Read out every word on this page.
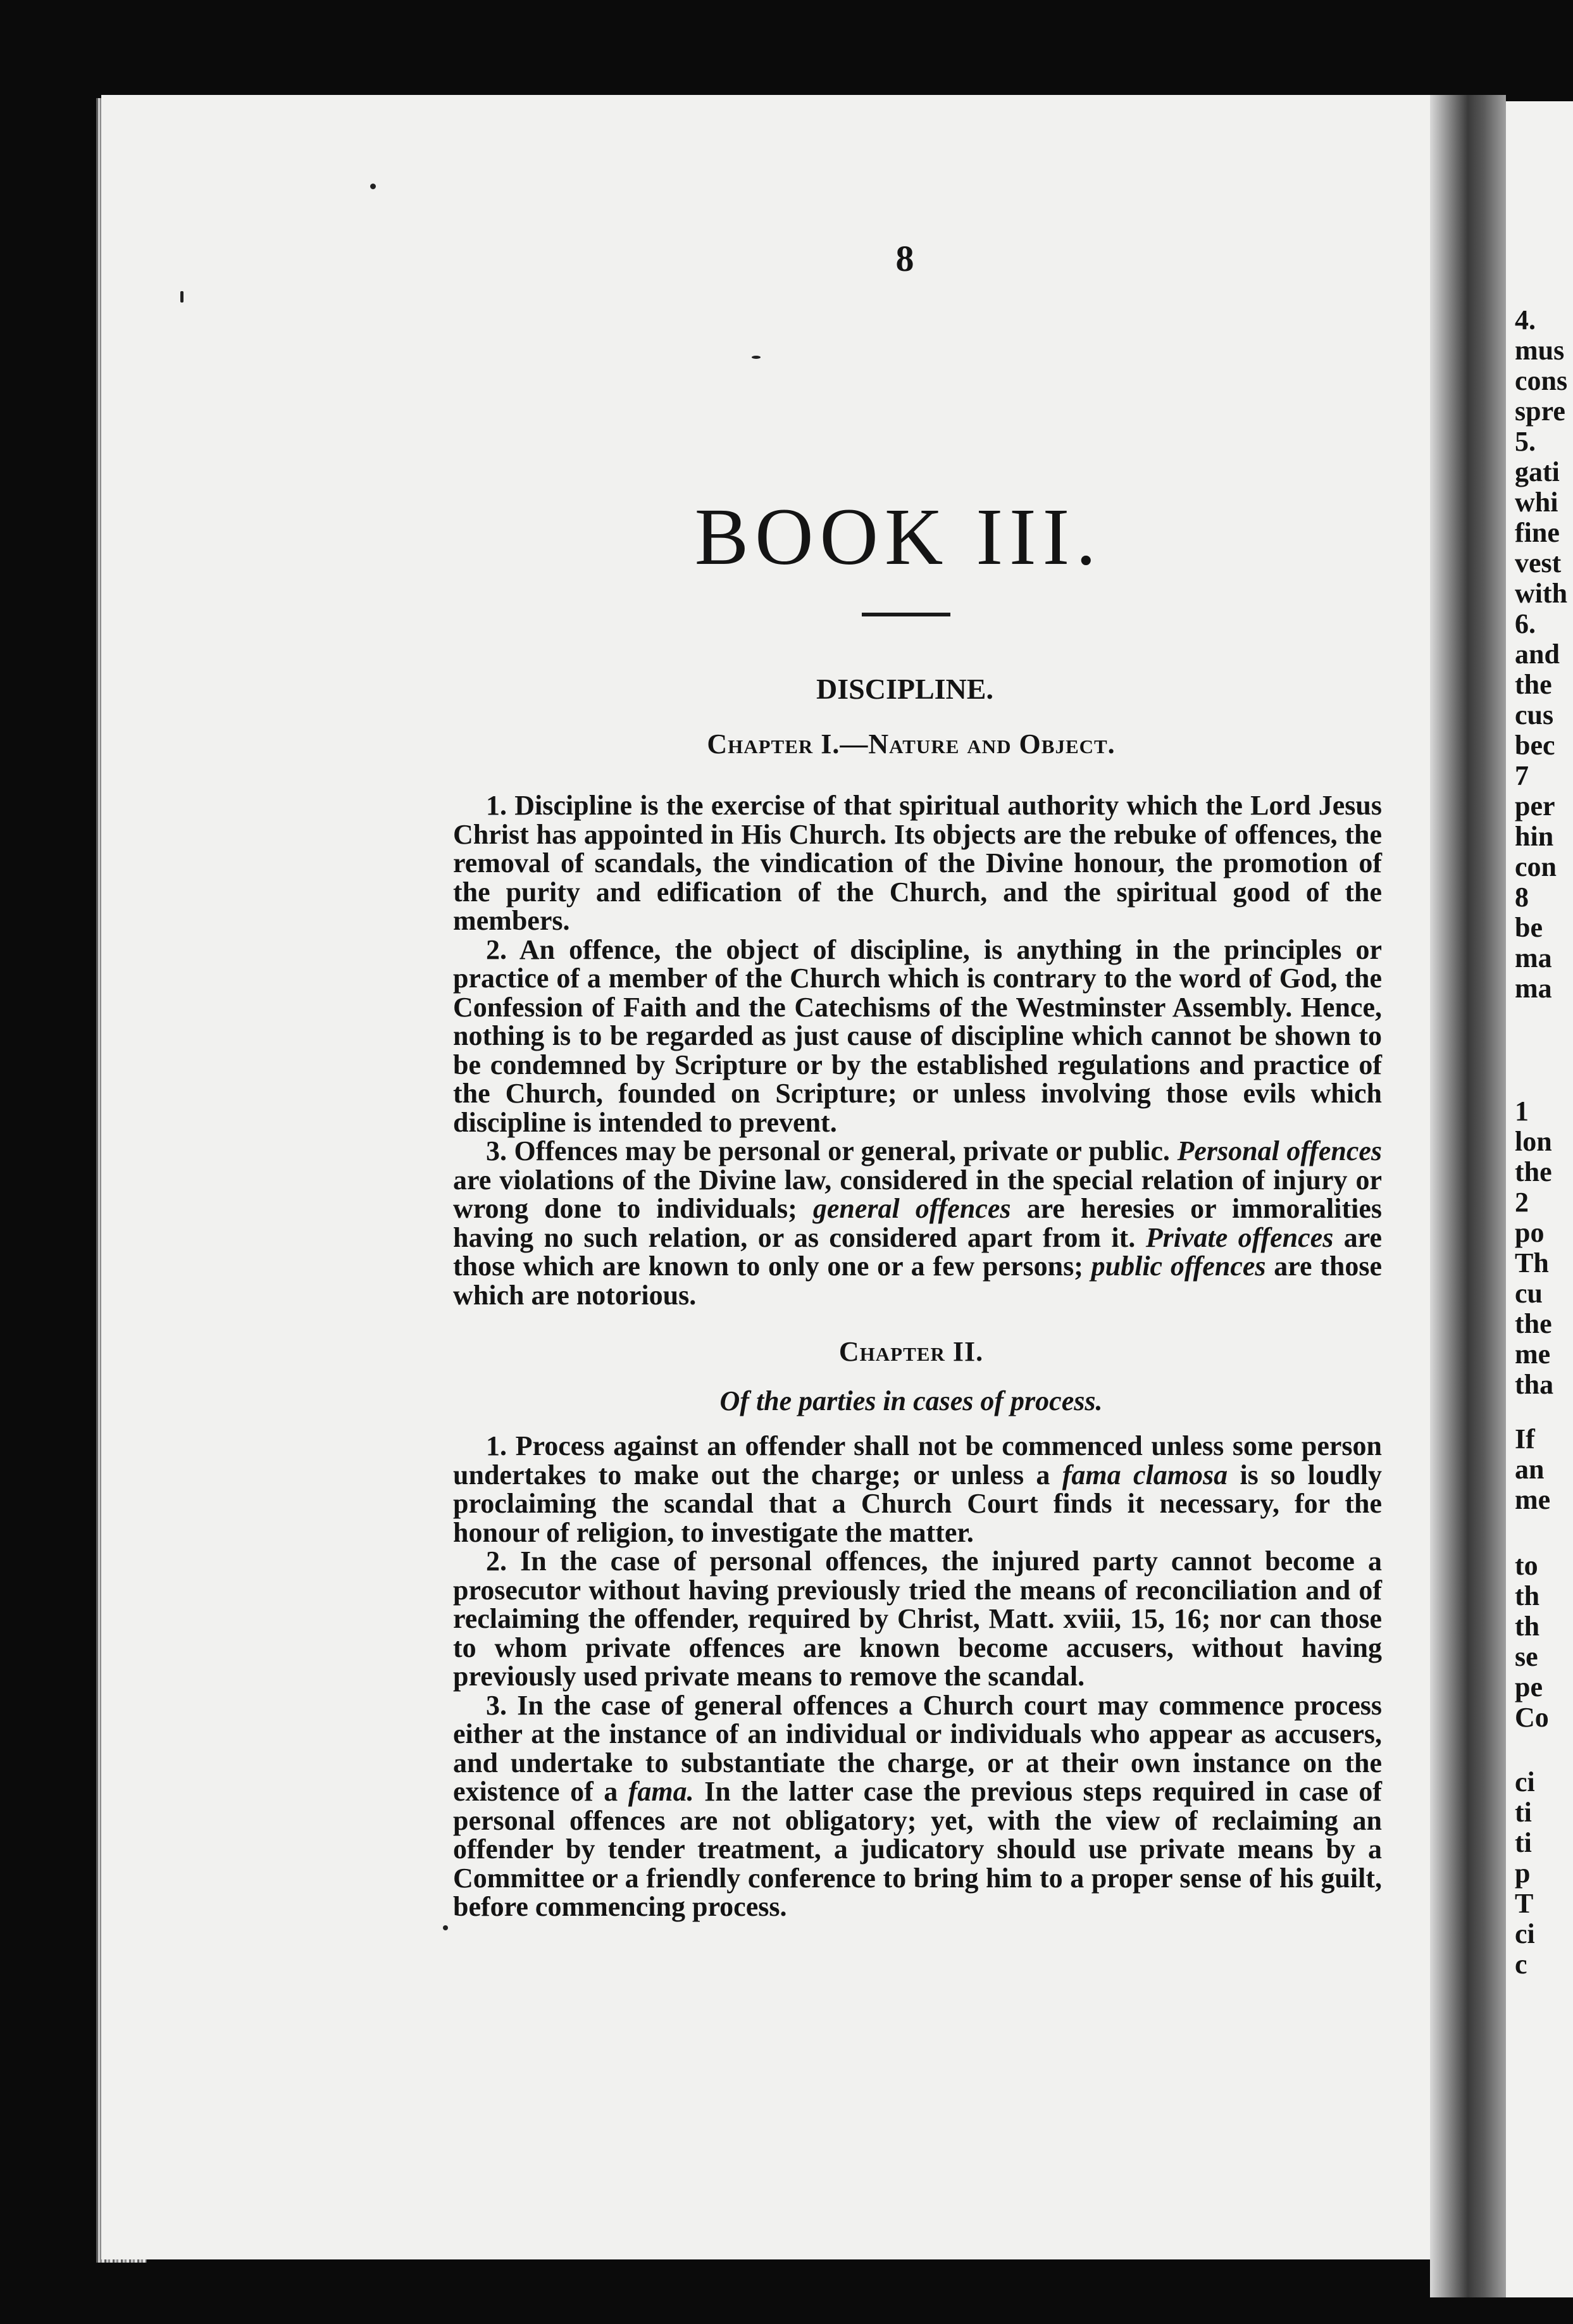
4.
mus
cons
spre
5.
gati
whi
fine
vest
with
6.
and
the
cus
bec
7
per
hin
con
8
be
ma
ma
1
lon
the
2
po
Th
cu
the
me
tha
If
an
me
to
th
th
se
pe
Co
ci
ti
ti
p
T
ci
c
8
BOOK III.
DISCIPLINE.
Chapter I.—Nature and Object.

1. Discipline is the exercise of that spiritual authority which the Lord Jesus Christ has appointed in His Church. Its objects are the rebuke of offences, the removal of scandals, the vindication of the Divine honour, the promotion of the purity and edification of the Church, and the spiritual good of the members.

2. An offence, the object of discipline, is anything in the principles or practice of a member of the Church which is contrary to the word of God, the Confession of Faith and the Catechisms of the Westminster Assembly. Hence, nothing is to be regarded as just cause of discipline which cannot be shown to be condemned by Scripture or by the established regulations and practice of the Church, founded on Scripture; or unless involving those evils which discipline is intended to prevent.

3. Offences may be personal or general, private or public. Personal offences are violations of the Divine law, considered in the special relation of injury or wrong done to individuals; general offences are heresies or immoralities having no such relation, or as considered apart from it. Private offences are those which are known to only one or a few persons; public offences are those which are notorious.

Chapter II.
Of the parties in cases of process.

1. Process against an offender shall not be commenced unless some person undertakes to make out the charge; or unless a fama clamosa is so loudly proclaiming the scandal that a Church Court finds it necessary, for the honour of religion, to investigate the matter.

2. In the case of personal offences, the injured party cannot become a prosecutor without having previously tried the means of reconciliation and of reclaiming the offender, required by Christ, Matt. xviii, 15, 16; nor can those to whom private offences are known become accusers, without having previously used private means to remove the scandal.

3. In the case of general offences a Church court may commence process either at the instance of an individual or individuals who appear as accusers, and undertake to substantiate the charge, or at their own instance on the existence of a fama. In the latter case the previous steps required in case of personal offences are not obligatory; yet, with the view of reclaiming an offender by tender treatment, a judicatory should use private means by a Committee or a friendly conference to bring him to a proper sense of his guilt, before commencing process.
